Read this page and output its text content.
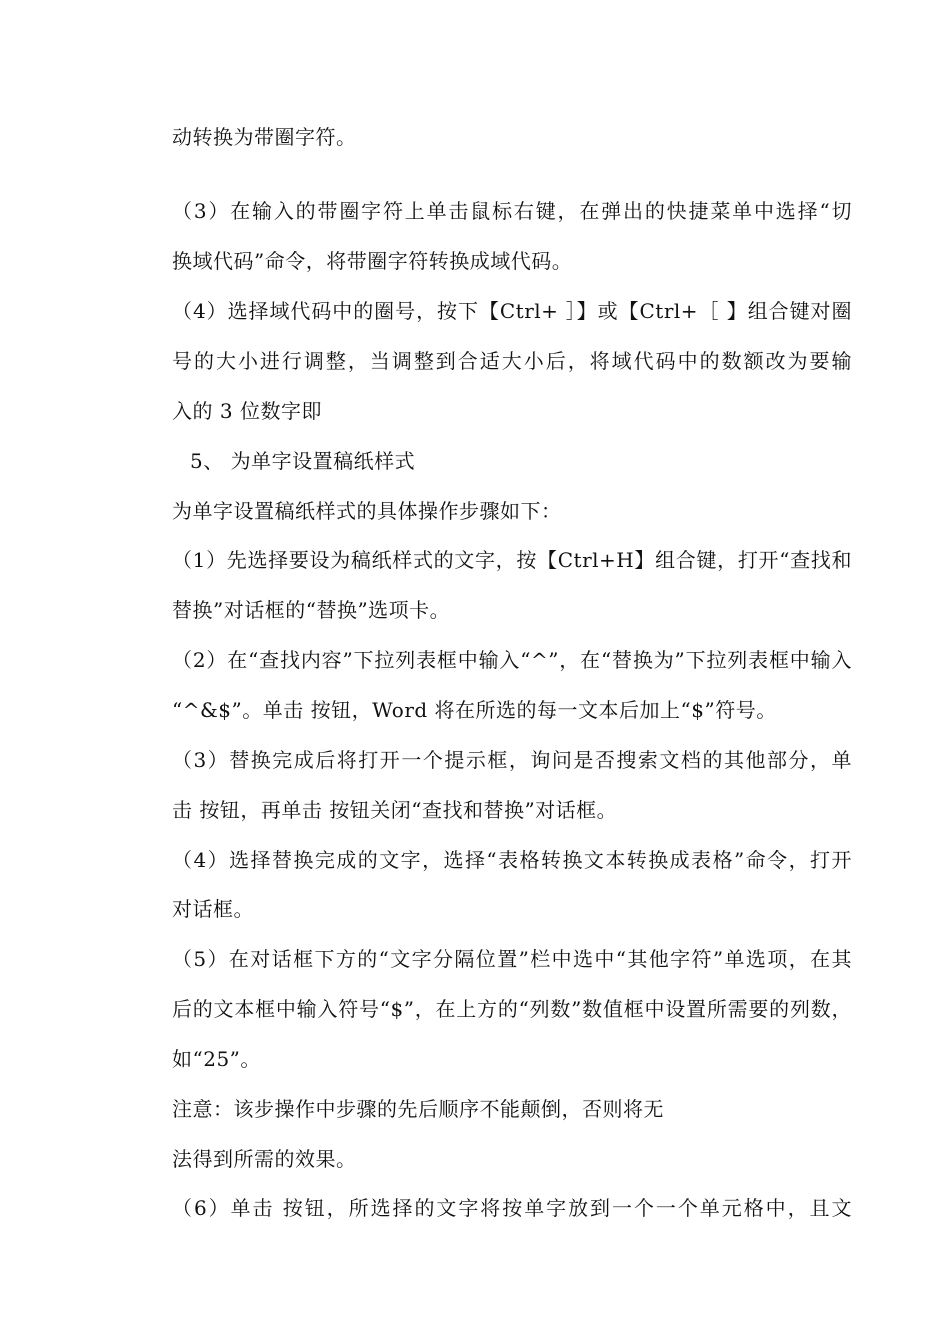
动转换为带圈字符。
（3）在输入的带圈字符上单击鼠标右键，在弹出的快捷菜单中选择“切
换域代码”命令，将带圈字符转换成域代码。
（4）选择域代码中的圈号，按下【Ctrl+ ］】或【Ctrl+［ 】组合键对圈
号的大小进行调整，当调整到合适大小后，将域代码中的数额改为要输
入的 3 位数字即
5、 为单字设置稿纸样式
为单字设置稿纸样式的具体操作步骤如下：
（1）先选择要设为稿纸样式的文字，按【Ctrl+H】组合键，打开“查找和
替换”对话框的“替换”选项卡。
（2）在“查找内容”下拉列表框中输入“^”，在“替换为”下拉列表框中输入
“^&$”。单击 按钮，Word 将在所选的每一文本后加上“$”符号。
（3）替换完成后将打开一个提示框，询问是否搜索文档的其他部分，单
击 按钮，再单击 按钮关闭“查找和替换”对话框。
（4）选择替换完成的文字，选择“表格转换文本转换成表格”命令，打开
对话框。
（5）在对话框下方的“文字分隔位置”栏中选中“其他字符”单选项，在其
后的文本框中输入符号“$”，在上方的“列数”数值框中设置所需要的列数，
如“25”。
注意：该步操作中步骤的先后顺序不能颠倒，否则将无
法得到所需的效果。
（6）单击 按钮，所选择的文字将按单字放到一个一个单元格中，且文
